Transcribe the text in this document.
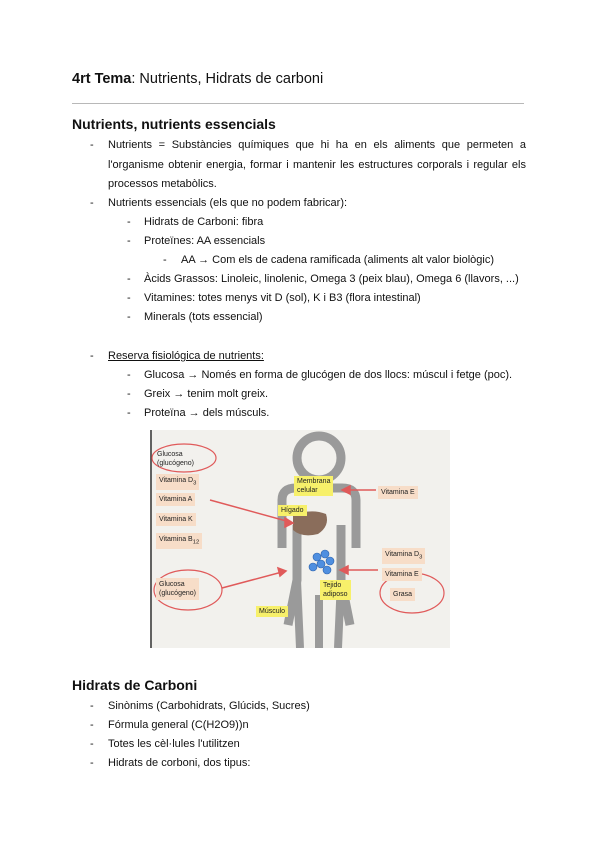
4rt Tema: Nutrients, Hidrats de carboni
Nutrients, nutrients essencials
- Nutrients = Substàncies químiques que hi ha en els aliments que permeten a
l'organisme obtenir energia, formar i mantenir les estructures corporals i regular els
processos metabòlics.
- Nutrients essencials (els que no podem fabricar):
- Hidrats de Carboni: fibra
- Proteïnes: AA essencials
- AA → Com els de cadena ramificada (aliments alt valor biològic)
- Àcids Grassos: Linoleic, linolenic, Omega 3 (peix blau), Omega 6 (llavors, ...)
- Vitamines: totes menys vit D (sol), K i B3 (flora intestinal)
- Minerals (tots essencial)
- Reserva fisiológica de nutrients:
- Glucosa → Només en forma de glucógen de dos llocs: múscul i fetge (poc).
- Greix → tenim molt greix.
- Proteïna → dels músculs.
Glucosa
(glucógeno)
Vitamina $D_3$
Vitamina A
Vitamina K
Vitamina $B_{12}$
Membrana
celular	Vitamina E
Hígado
Vitamina $D_3$
Vitamina E
Grasa
Glucosa
(glucógeno)
Tejido
adiposo
Músculo
Hidrats de Carboni
- Sinònims (Carbohidrats, Glúcids, Sucres)
- Fórmula general (C(H2O9))n
- Totes les cèl·lules l'utilitzen
- Hidrats de corboni, dos tipus:
